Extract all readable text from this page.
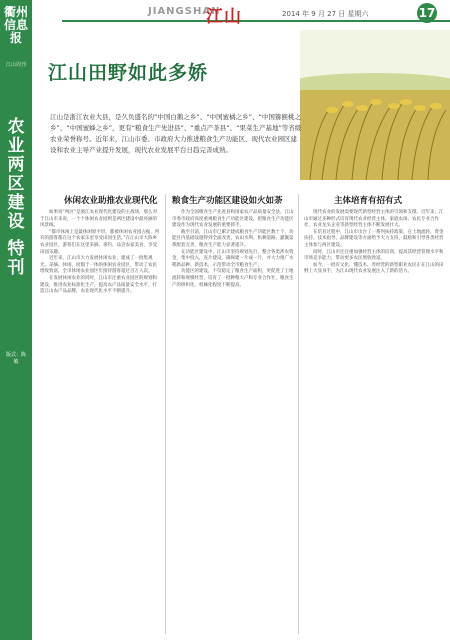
JIANGSHAN
江山	2014 年 9 月 27 日 星期六	17
衢州信息报
江山周刊
农业两区建设
特刊
版式：陈敏
江山田野如此多娇
江山是浙江农业大县，是久负盛名的“中国白鹅之乡”、“中国蜜橘之乡”、“中国猕猴桃之乡”、“中国蜜蜂之乡”，更有“粮食生产先进县”、“重点产茶县”、“果菜生产基地”等省级农业荣誉称号。近年来，江山市委、市政府大力推进粮食生产功能区、现代农业园区建设和农业主导产业提升发展，现代农业发展平台日趋完善成熟。
休闲农业助推农业现代化

如果说“两区”是浙江农业现代化建设的主战场，那么对于江山市来说，一个个休闲农业园则是两区建设中最亮丽的风景线。

“都市休闲上是最休闲原平坦，都被休闲农业园占据，所有的游客都在这个农家乐里享受田园生活。”在江山市大陈乡农业园区，游客们在这里采摘、垂钓、品尝农家美食，享受田园乐趣。

近年来，江山市大力发展休闲农业，建成了一批集观光、采摘、休闲、度假于一体的休闲农业园区，带动了农民增收致富，全市休闲农业园区年接待游客超过百万人次。

在发展休闲农业的同时，江山市注重农业园区的规划和建设，推进农业标准化生产，提高农产品质量安全水平，打造江山农产品品牌，农业现代化水平不断提升。

粮食生产功能区建设如火如荼

作为全国粮食生产先进县和国家农产品质量安全县，江山市委市政府高度重视粮食生产功能区建设，把粮食生产功能区建设作为现代农业发展的重要抓手。

截至目前，江山市已累计建成粮食生产功能区数十个，功能区内基础设施得到全面改善，农田水利、机耕道路、灌溉渠系配套完善，粮食生产能力显著提升。

在功能区建设中，江山市坚持规划先行，整合各类涉农资金，集中投入，连片建设，确保建一片成一片，并大力推广水稻新品种、新技术，示范带动全市粮食生产。

功能区的建设，不仅稳定了粮食生产面积，更促进了土地流转和规模经营，培育了一批种粮大户和专业合作社，粮食生产的组织化、机械化程度不断提高。

主体培育有招有式

现代农业的发展需要现代新型经营主体的引领和支撑。近年来，江山市通过多种形式培育现代农业经营主体，家庭农场、农民专业合作社、农业龙头企业等新型经营主体不断发展壮大。

在培育过程中，江山市出台了一系列扶持政策，在土地流转、资金扶持、技术指导、品牌建设等方面给予大力支持，鼓励和引导各类经营主体参与两区建设。

同时，江山市还注重加强经营主体的培训，提高其经营管理水平和市场竞争能力，带动更多农民增收致富。

如今，一批有文化、懂技术、善经营的新型职业农民正在江山的田野上大显身手，为江山现代农业发展注入了新的活力。
